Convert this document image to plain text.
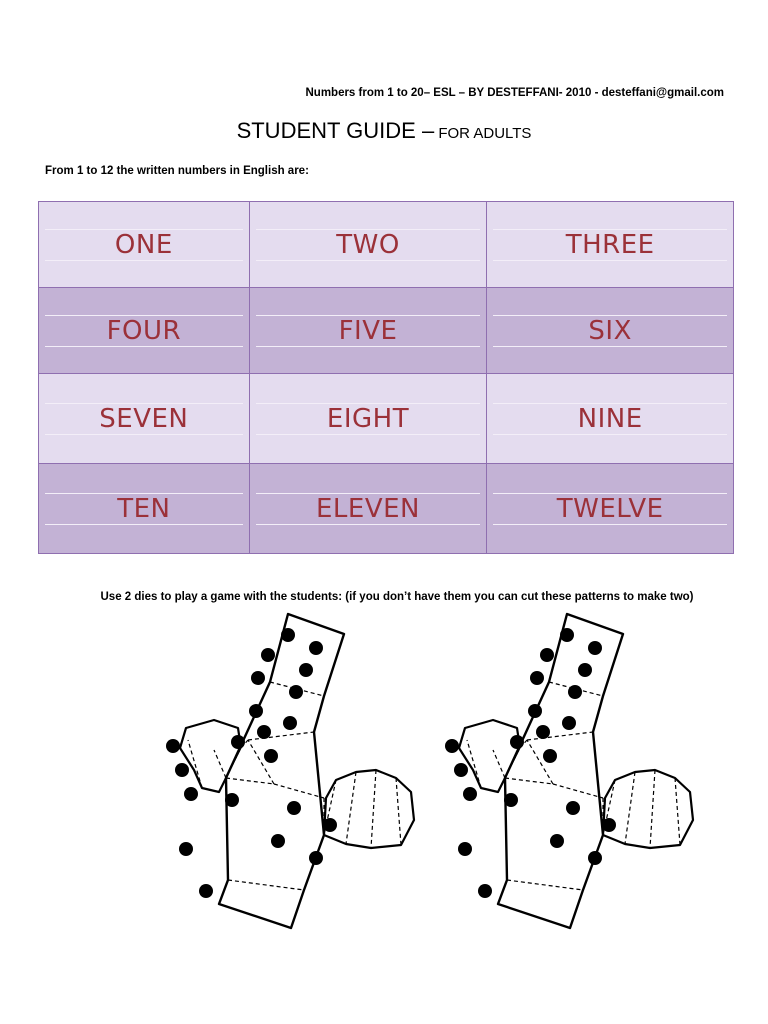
Numbers from 1 to 20– ESL – BY DESTEFFANI- 2010 - desteffani@gmail.com
STUDENT GUIDE – FOR ADULTS
From 1 to 12 the written numbers in English are:
ONE	TWO	THREE

FOUR	FIVE	SIX

SEVEN	EIGHT	NINE

TEN	ELEVEN	TWELVE
Use 2 dies to play a game with the students: (if you don’t have them you can cut these patterns to make two)
